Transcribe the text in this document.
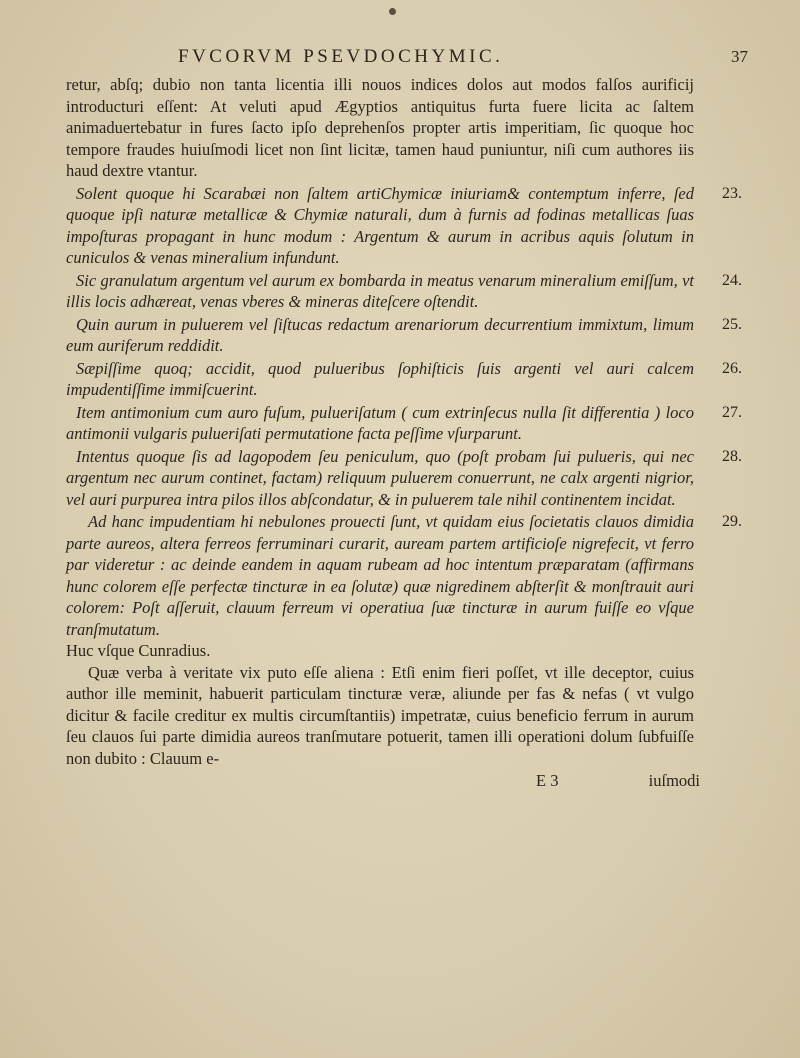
FVCORVM PSEVDOCHYMIC.	37

retur, abſq; dubio non tanta licentia illi nouos indices dolos aut modos falſos aurificij introducturi eſſent: At veluti apud Ægyptios antiquitus furta fuere licita ac ſaltem animaduertebatur in fures ſacto ipſo deprehenſos propter artis imperitiam, ſic quoque hoc tempore fraudes huiuſmodi licet non ſint licitæ, tamen haud puniuntur, niſi cum authores iis haud dextre vtantur.

Solent quoque hi Scarabæi non ſaltem artiChymicæ iniuriam& contemptum inferre, ſed quoque ipſi naturæ metallicæ & Chymiæ naturali, dum à furnis ad fodinas metallicas ſuas impoſturas propagant in hunc modum : Argentum & aurum in acribus aquis ſolutum in cuniculos & venas mineralium infundunt.

23.

Sic granulatum argentum vel aurum ex bombarda in meatus venarum mineralium emiſſum, vt illis locis adhæreat, venas vberes & mineras diteſcere oſtendit.

24.

Quin aurum in puluerem vel ſiſtucas redactum arenariorum decurrentium immixtum, limum eum auriferum reddidit.

25.

Sæpiſſime quoq; accidit, quod pulueribus ſophiſticis ſuis argenti vel auri calcem impudentiſſime immiſcuerint.

26.

Item antimonium cum auro fuſum, pulueriſatum ( cum extrinſecus nulla ſit differentia ) loco antimonii vulgaris pulueriſati permutatione facta peſſime vſurparunt.

27.

Intentus quoque ſis ad lagopodem ſeu peniculum, quo (poſt probam ſui pulueris, qui nec argentum nec aurum continet, factam) reliquum puluerem conuerrunt, ne calx argenti nigrior, vel auri purpurea intra pilos illos abſcondatur, & in puluerem tale nihil continentem incidat.

28.

Ad hanc impudentiam hi nebulones prouecti ſunt, vt quidam eius ſocietatis clauos dimidia parte aureos, altera ferreos ferruminari curarit, auream partem artificioſe nigrefecit, vt ferro par videretur : ac deinde eandem in aquam rubeam ad hoc intentum præparatam (affirmans hunc colorem eſſe perfectæ tincturæ in ea ſolutæ) quæ nigredinem abſterſit & monſtrauit auri colorem: Poſt aſſeruit, clauum ferreum vi operatiua ſuæ tincturæ in aurum fuiſſe eo vſque tranſmutatum.

29.

Huc vſque Cunradius.

Quæ verba à veritate vix puto eſſe aliena : Etſi enim fieri poſſet, vt ille deceptor, cuius author ille meminit, habuerit particulam tincturæ veræ, aliunde per fas & nefas ( vt vulgo dicitur & facile creditur ex multis circumſtantiis) impetratæ, cuius beneficio ferrum in aurum ſeu clauos ſui parte dimidia aureos tranſmutare potuerit, tamen illi operationi dolum ſubfuiſſe non dubito : Clauum e-

E 3	iuſmodi
